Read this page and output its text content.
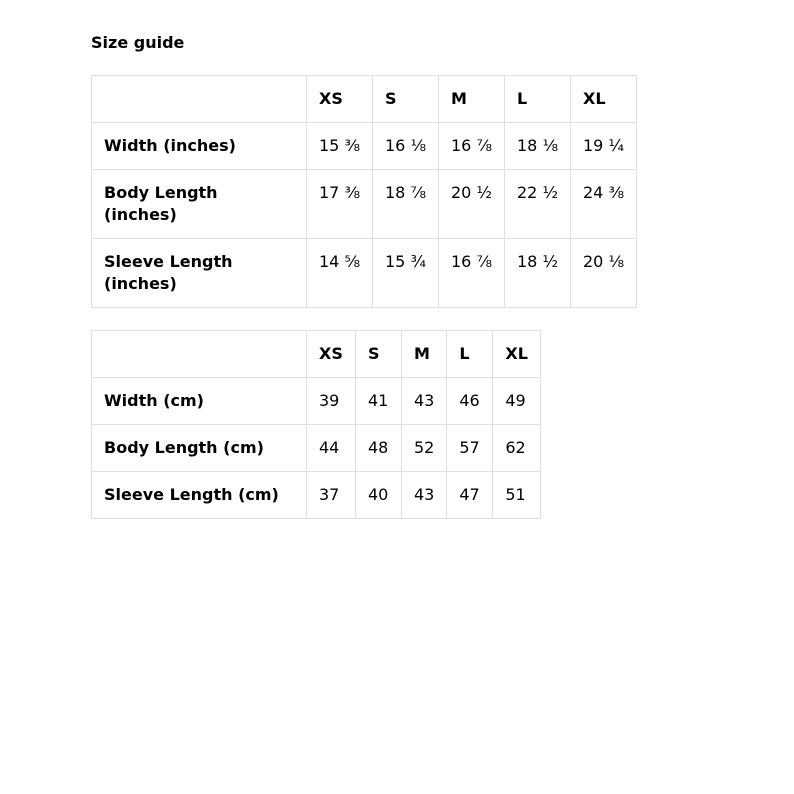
Size guide
	XS	S	M	L	XL
Width (inches)	15 ⅜	16 ⅛	16 ⅞	18 ⅛	19 ¼
Body Length (inches)	17 ⅜	18 ⅞	20 ½	22 ½	24 ⅜
Sleeve Length (inches)	14 ⅝	15 ¾	16 ⅞	18 ½	20 ⅛
	XS	S	M	L	XL
Width (cm)	39	41	43	46	49
Body Length (cm)	44	48	52	57	62
Sleeve Length (cm)	37	40	43	47	51
